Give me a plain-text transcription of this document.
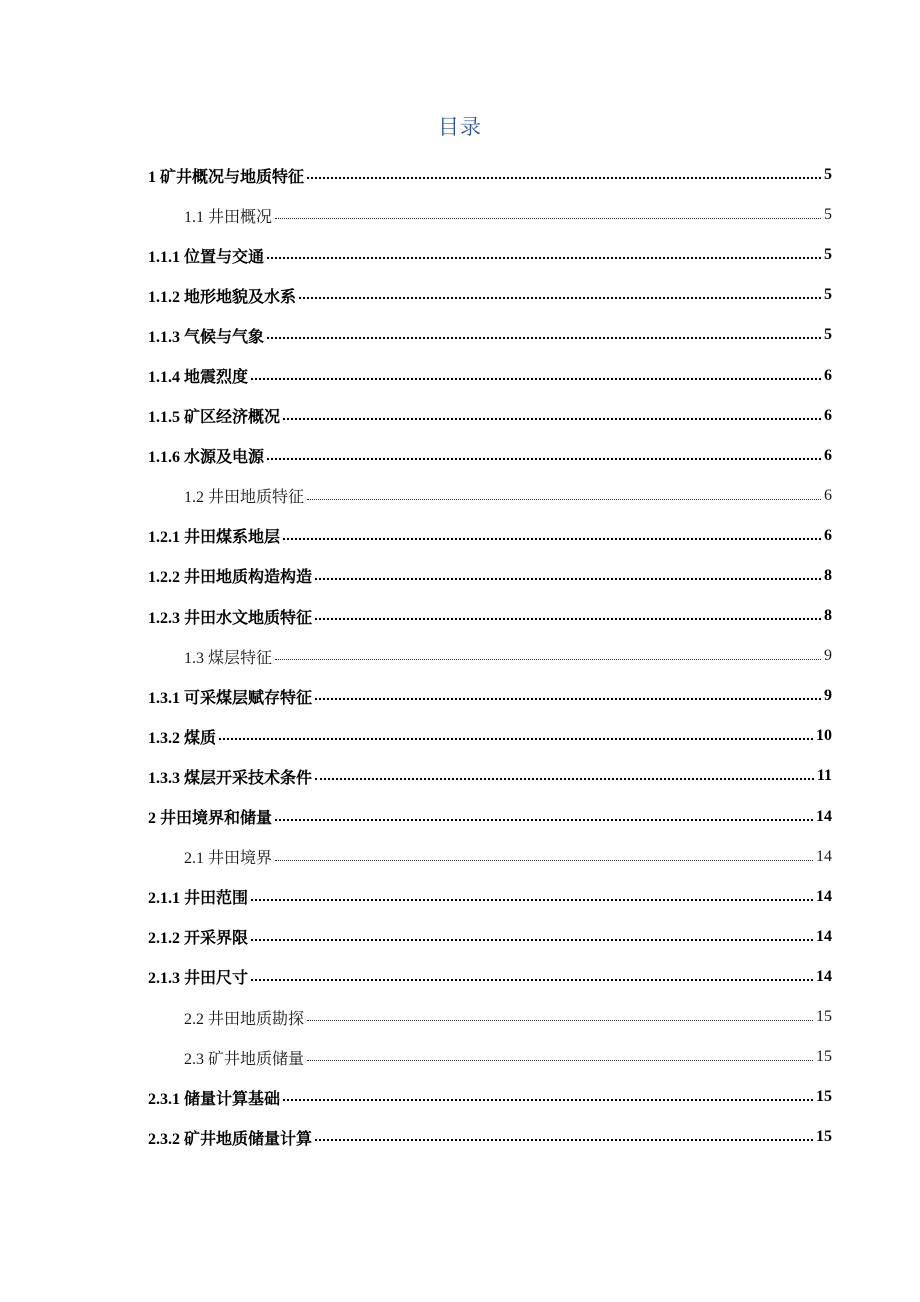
目录
1 矿井概况与地质特征	5
1.1 井田概况	5
1.1.1 位置与交通	5
1.1.2 地形地貌及水系	5
1.1.3 气候与气象	5
1.1.4 地震烈度	6
1.1.5 矿区经济概况	6
1.1.6 水源及电源	6
1.2 井田地质特征	6
1.2.1 井田煤系地层	6
1.2.2 井田地质构造构造	8
1.2.3 井田水文地质特征	8
1.3 煤层特征	9
1.3.1 可采煤层赋存特征	9
1.3.2 煤质	10
1.3.3 煤层开采技术条件	11
2 井田境界和储量	14
2.1 井田境界	14
2.1.1 井田范围	14
2.1.2 开采界限	14
2.1.3 井田尺寸	14
2.2 井田地质勘探	15
2.3 矿井地质储量	15
2.3.1 储量计算基础	15
2.3.2 矿井地质储量计算	15
